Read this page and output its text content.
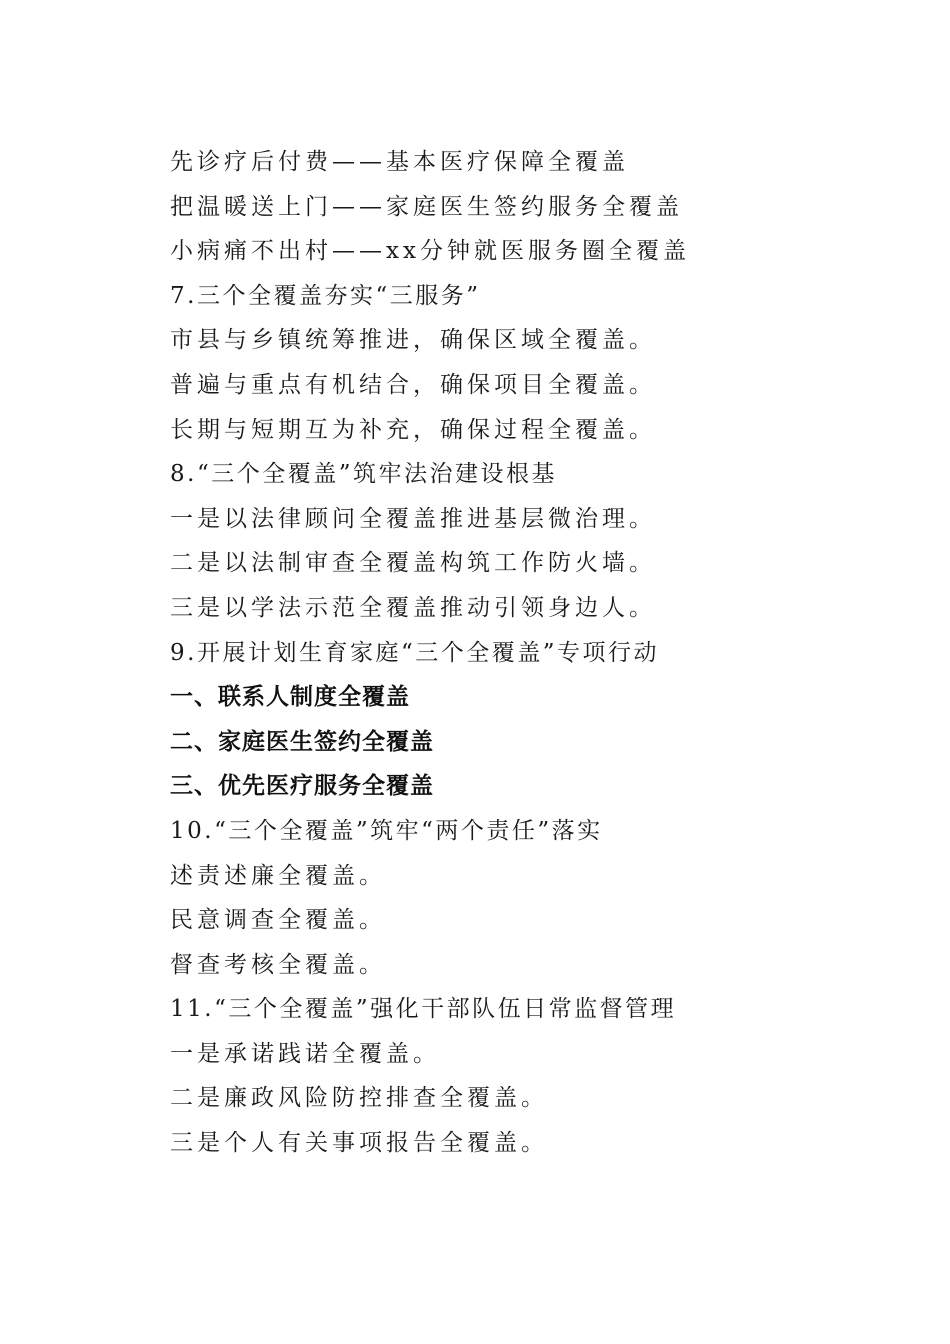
先诊疗后付费——基本医疗保障全覆盖
把温暖送上门——家庭医生签约服务全覆盖
小病痛不出村——xx分钟就医服务圈全覆盖
7.三个全覆盖夯实“三服务”
市县与乡镇统筹推进，确保区域全覆盖。
普遍与重点有机结合，确保项目全覆盖。
长期与短期互为补充，确保过程全覆盖。
8.“三个全覆盖”筑牢法治建设根基
一是以法律顾问全覆盖推进基层微治理。
二是以法制审查全覆盖构筑工作防火墙。
三是以学法示范全覆盖推动引领身边人。
9.开展计划生育家庭“三个全覆盖”专项行动
一、联系人制度全覆盖
二、家庭医生签约全覆盖
三、优先医疗服务全覆盖
10.“三个全覆盖”筑牢“两个责任”落实
述责述廉全覆盖。
民意调查全覆盖。
督查考核全覆盖。
11.“三个全覆盖”强化干部队伍日常监督管理
一是承诺践诺全覆盖。
二是廉政风险防控排查全覆盖。
三是个人有关事项报告全覆盖。
